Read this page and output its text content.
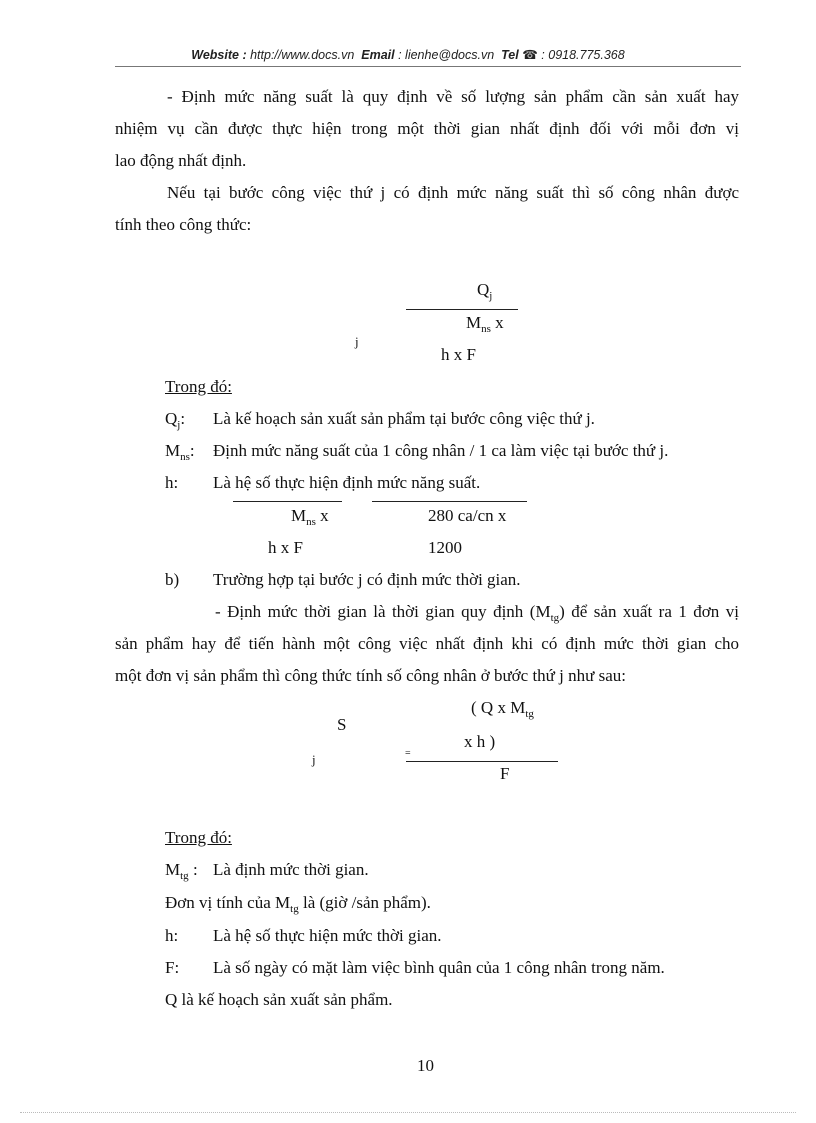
Website : http://www.docs.vn Email : lienhe@docs.vn Tel ☎ : 0918.775.368
- Định mức năng suất là quy định về số lượng sản phẩm cần sản xuất hay
nhiệm vụ cần được thực hiện trong một thời gian nhất định đối với mỗi đơn vị
lao động nhất định.
Nếu tại bước công việc thứ j có định mức năng suất thì số công nhân được
tính theo công thức:
$Q_j$
$M_{ns}$ x
j
h x F
Trong đó:
$Q_j$: Là kế hoạch sản xuất sản phẩm tại bước công việc thứ j.
$M_{ns}$: Định mức năng suất của 1 công nhân / 1 ca làm việc tại bước thứ j.
h: Là hệ số thực hiện định mức năng suất.
$M_{ns}$ x	280 ca/cn x
h x F	1200
b) Trường hợp tại bước j có định mức thời gian.
- Định mức thời gian là thời gian quy định $(M_{tg})$ để sản xuất ra 1 đơn vị
sản phẩm hay để tiến hành một công việc nhất định khi có định mức thời gian cho
một đơn vị sản phẩm thì công thức tính số công nhân ở bước thứ j như sau:
( Q x $M_{tg}$
S
x h )
j	=
F
Trong đó:
$M_{tg}$ : Là định mức thời gian.
Đơn vị tính của $M_{tg}$ là (giờ /sản phẩm).
h: Là hệ số thực hiện mức thời gian.
F: Là số ngày có mặt làm việc bình quân của 1 công nhân trong năm.
Q là kế hoạch sản xuất sản phẩm.
10
